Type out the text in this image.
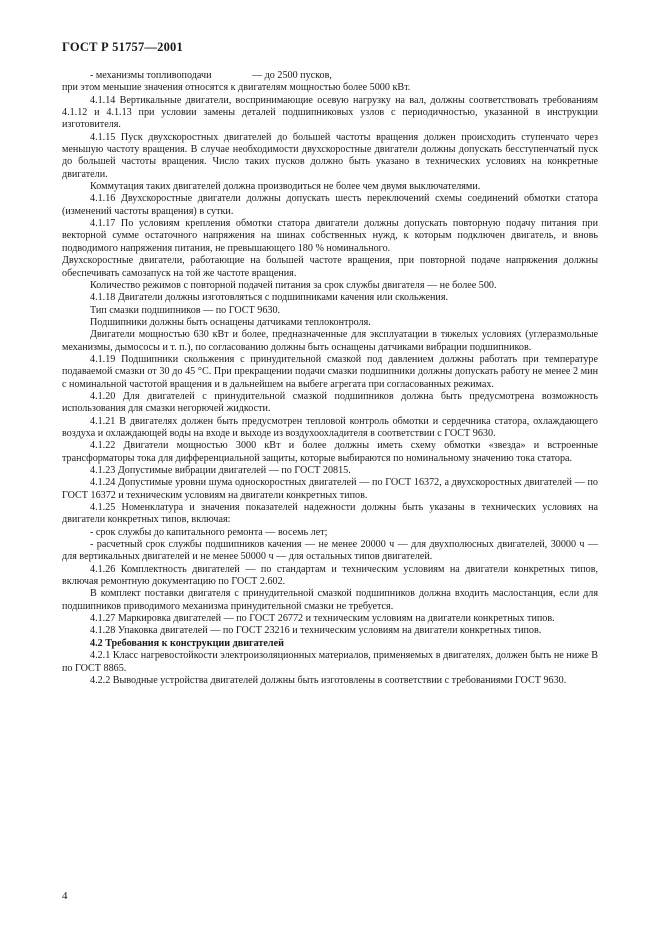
ГОСТ Р 51757—2001

- механизмы топливоподачи                — до 2500 пусков,

при этом меньшие значения относятся к двигателям мощностью более 5000 кВт.

4.1.14 Вертикальные двигатели, воспринимающие осевую нагрузку на вал, должны соответствовать требованиям 4.1.12 и 4.1.13 при условии замены деталей подшипниковых узлов с периодичностью, указанной в инструкции изготовителя.

4.1.15 Пуск двухскоростных двигателей до большей частоты вращения должен происходить ступенчато через меньшую частоту вращения. В случае необходимости двухскоростные двигатели должны допускать бесступенчатый пуск до большей частоты вращения. Число таких пусков должно быть указано в технических условиях на конкретные двигатели.

Коммутация таких двигателей должна производиться не более чем двумя выключателями.

4.1.16 Двухскоростные двигатели должны допускать шесть переключений схемы соединений обмотки статора (изменений частоты вращения) в сутки.

4.1.17 По условиям крепления обмотки статора двигатели должны допускать повторную подачу питания при векторной сумме остаточного напряжения на шинах собственных нужд, к которым подключен двигатель, и вновь подводимого напряжения питания, не превышающего 180 % номинального.

Двухскоростные двигатели, работающие на большей частоте вращения, при повторной подаче напряжения должны обеспечивать самозапуск на той же частоте вращения.

Количество режимов с повторной подачей питания за срок службы двигателя — не более 500.

4.1.18 Двигатели должны изготовляться с подшипниками качения или скольжения.

Тип смазки подшипников — по ГОСТ 9630.

Подшипники должны быть оснащены датчиками теплоконтроля.

Двигатели мощностью 630 кВт и более, предназначенные для эксплуатации в тяжелых условиях (углеразмольные механизмы, дымососы и т. п.), по согласованию должны быть оснащены датчиками вибрации подшипников.

4.1.19 Подшипники скольжения с принудительной смазкой под давлением должны работать при температуре подаваемой смазки от 30 до 45 °С. При прекращении подачи смазки подшипники должны допускать работу не менее 2 мин с номинальной частотой вращения и в дальнейшем на выбеге агрегата при согласованных режимах.

4.1.20 Для двигателей с принудительной смазкой подшипников должна быть предусмотрена возможность использования для смазки негорючей жидкости.

4.1.21 В двигателях должен быть предусмотрен тепловой контроль обмотки и сердечника статора, охлаждающего воздуха и охлаждающей воды на входе и выходе из воздухоохладителя в соответствии с ГОСТ 9630.

4.1.22 Двигатели мощностью 3000 кВт и более должны иметь схему обмотки «звезда» и встроенные трансформаторы тока для дифференциальной защиты, которые выбираются по номинальному значению тока статора.

4.1.23 Допустимые вибрации двигателей — по ГОСТ 20815.

4.1.24 Допустимые уровни шума односкоростных двигателей — по ГОСТ 16372, а двухскоростных двигателей — по ГОСТ 16372 и техническим условиям на двигатели конкретных типов.

4.1.25 Номенклатура и значения показателей надежности должны быть указаны в технических условиях на двигатели конкретных типов, включая:

- срок службы до капитального ремонта — восемь лет;

- расчетный срок службы подшипников качения — не менее 20000 ч — для двухполюсных двигателей, 30000 ч — для вертикальных двигателей и не менее 50000 ч — для остальных типов двигателей.

4.1.26 Комплектность двигателей — по стандартам и техническим условиям на двигатели конкретных типов, включая ремонтную документацию по ГОСТ 2.602.

В комплект поставки двигателя с принудительной смазкой подшипников должна входить маслостанция, если для подшипников приводимого механизма принудительной смазки не требуется.

4.1.27 Маркировка двигателей — по ГОСТ 26772 и техническим условиям на двигатели конкретных типов.

4.1.28 Упаковка двигателей — по ГОСТ 23216 и техническим условиям на двигатели конкретных типов.

4.2 Требования к конструкции двигателей

4.2.1 Класс нагревостойкости электроизоляционных материалов, применяемых в двигателях, должен быть не ниже В по ГОСТ 8865.

4.2.2 Выводные устройства двигателей должны быть изготовлены в соответствии с требованиями ГОСТ 9630.

4
